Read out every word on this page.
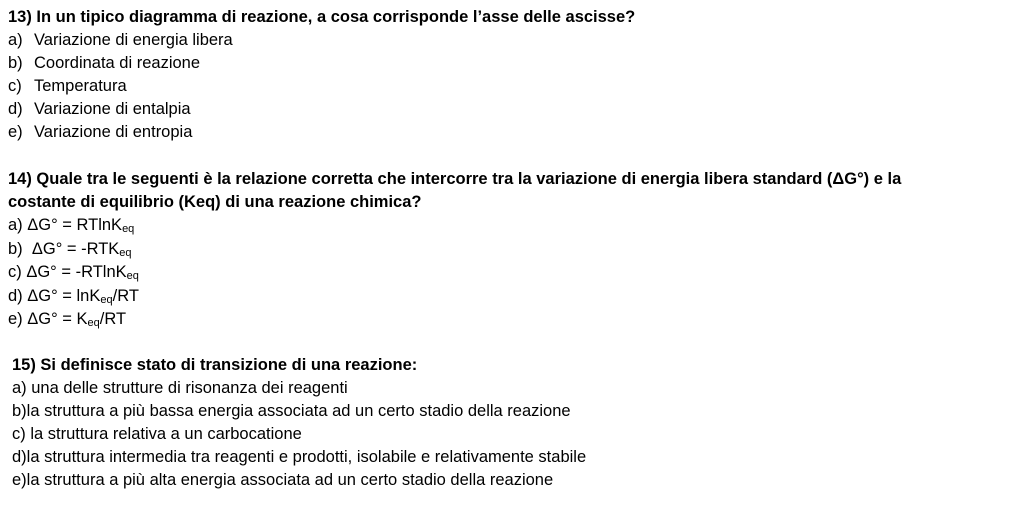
13) In un tipico diagramma di reazione, a cosa corrisponde l’asse delle ascisse?
a) Variazione di energia libera
b) Coordinata di reazione
c) Temperatura
d) Variazione di entalpia
e) Variazione di entropia
14) Quale tra le seguenti è la relazione corretta che intercorre tra la variazione di energia libera standard (ΔG°) e la
costante di equilibrio (Keq) di una reazione chimica?
a) ΔG° = RTlnK$_{eq}$
b)  $\Delta G^\circ = -RTK_{eq}$
c) ΔG° = -RTlnK$_{eq}$
d) ΔG° = lnK$_{eq}$/RT
e) $\Delta G^\circ = K_{eq}/RT$
15) Si definisce stato di transizione di una reazione:
a) una delle strutture di risonanza dei reagenti
b)la struttura a più bassa energia associata ad un certo stadio della reazione
c) la struttura relativa a un carbocatione
d)la struttura intermedia tra reagenti e prodotti, isolabile e relativamente stabile
e)la struttura a più alta energia associata ad un certo stadio della reazione
